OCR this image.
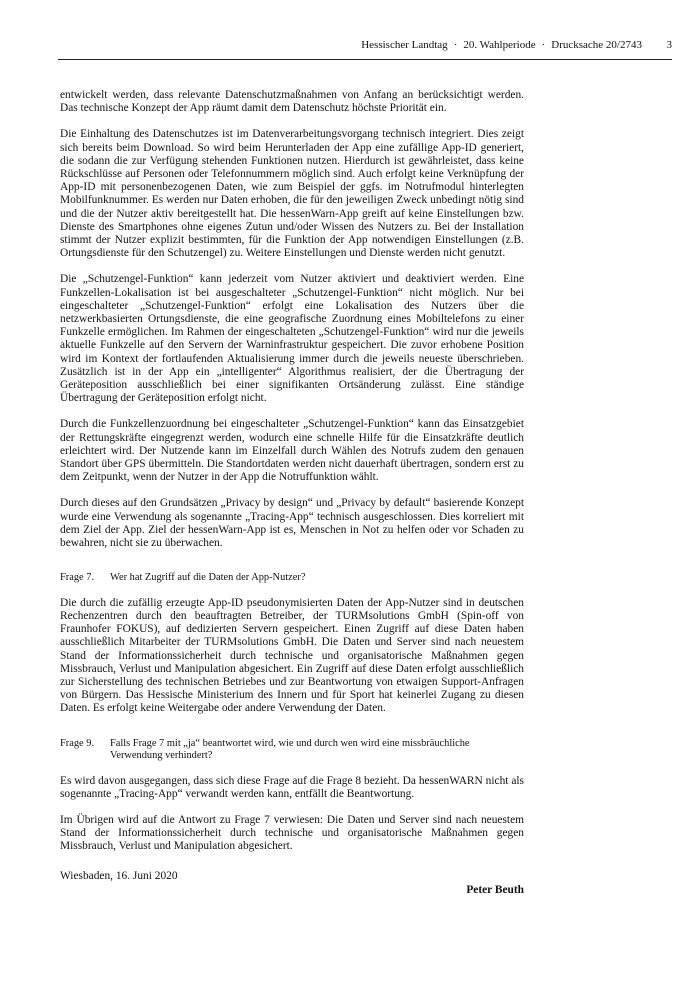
Hessischer Landtag · 20. Wahlperiode · Drucksache 20/2743 3

entwickelt werden, dass relevante Datenschutzmaßnahmen von Anfang an berücksichtigt werden. Das technische Konzept der App räumt damit dem Datenschutz höchste Priorität ein.

Die Einhaltung des Datenschutzes ist im Datenverarbeitungsvorgang technisch integriert. Dies zeigt sich bereits beim Download. So wird beim Herunterladen der App eine zufällige App-ID generiert, die sodann die zur Verfügung stehenden Funktionen nutzen. Hierdurch ist gewährleistet, dass keine Rückschlüsse auf Personen oder Telefonnummern möglich sind. Auch erfolgt keine Verknüpfung der App-ID mit personenbezogenen Daten, wie zum Beispiel der ggfs. im Notrufmodul hinterlegten Mobilfunknummer. Es werden nur Daten erhoben, die für den jeweiligen Zweck unbedingt nötig sind und die der Nutzer aktiv bereitgestellt hat. Die hessenWarn-App greift auf keine Einstellungen bzw. Dienste des Smartphones ohne eigenes Zutun und/oder Wissen des Nutzers zu. Bei der Installation stimmt der Nutzer explizit bestimmten, für die Funktion der App notwendigen Einstellungen (z.B. Ortungsdienste für den Schutzengel) zu. Weitere Einstellungen und Dienste werden nicht genutzt.

Die „Schutzengel-Funktion“ kann jederzeit vom Nutzer aktiviert und deaktiviert werden. Eine Funkzellen-Lokalisation ist bei ausgeschalteter „Schutzengel-Funktion“ nicht möglich. Nur bei eingeschalteter „Schutzengel-Funktion“ erfolgt eine Lokalisation des Nutzers über die netzwerkbasierten Ortungsdienste, die eine geografische Zuordnung eines Mobiltelefons zu einer Funkzelle ermöglichen. Im Rahmen der eingeschalteten „Schutzengel-Funktion“ wird nur die jeweils aktuelle Funkzelle auf den Servern der Warninfrastruktur gespeichert. Die zuvor erhobene Position wird im Kontext der fortlaufenden Aktualisierung immer durch die jeweils neueste überschrieben. Zusätzlich ist in der App ein „intelligenter“ Algorithmus realisiert, der die Übertragung der Geräteposition ausschließlich bei einer signifikanten Ortsänderung zulässt. Eine ständige Übertragung der Geräteposition erfolgt nicht.

Durch die Funkzellenzuordnung bei eingeschalteter „Schutzengel-Funktion“ kann das Einsatzgebiet der Rettungskräfte eingegrenzt werden, wodurch eine schnelle Hilfe für die Einsatzkräfte deutlich erleichtert wird. Der Nutzende kann im Einzelfall durch Wählen des Notrufs zudem den genauen Standort über GPS übermitteln. Die Standortdaten werden nicht dauerhaft übertragen, sondern erst zu dem Zeitpunkt, wenn der Nutzer in der App die Notruffunktion wählt.

Durch dieses auf den Grundsätzen „Privacy by design“ und „Privacy by default“ basierende Konzept wurde eine Verwendung als sogenannte „Tracing-App“ technisch ausgeschlossen. Dies korreliert mit dem Ziel der App. Ziel der hessenWarn-App ist es, Menschen in Not zu helfen oder vor Schaden zu bewahren, nicht sie zu überwachen.

Frage 7.	Wer hat Zugriff auf die Daten der App-Nutzer?

Die durch die zufällig erzeugte App-ID pseudonymisierten Daten der App-Nutzer sind in deutschen Rechenzentren durch den beauftragten Betreiber, der TURMsolutions GmbH (Spin-off von Fraunhofer FOKUS), auf dedizierten Servern gespeichert. Einen Zugriff auf diese Daten haben ausschließlich Mitarbeiter der TURMsolutions GmbH. Die Daten und Server sind nach neuestem Stand der Informationssicherheit durch technische und organisatorische Maßnahmen gegen Missbrauch, Verlust und Manipulation abgesichert. Ein Zugriff auf diese Daten erfolgt ausschließlich zur Sicherstellung des technischen Betriebes und zur Beantwortung von etwaigen Support-Anfragen von Bürgern. Das Hessische Ministerium des Innern und für Sport hat keinerlei Zugang zu diesen Daten. Es erfolgt keine Weitergabe oder andere Verwendung der Daten.

Frage 9.	Falls Frage 7 mit „ja“ beantwortet wird, wie und durch wen wird eine missbräuchliche Verwendung verhindert?

Es wird davon ausgegangen, dass sich diese Frage auf die Frage 8 bezieht. Da hessenWARN nicht als sogenannte „Tracing-App“ verwandt werden kann, entfällt die Beantwortung.

Im Übrigen wird auf die Antwort zu Frage 7 verwiesen: Die Daten und Server sind nach neuestem Stand der Informationssicherheit durch technische und organisatorische Maßnahmen gegen Missbrauch, Verlust und Manipulation abgesichert.

Wiesbaden, 16. Juni 2020
Peter Beuth
